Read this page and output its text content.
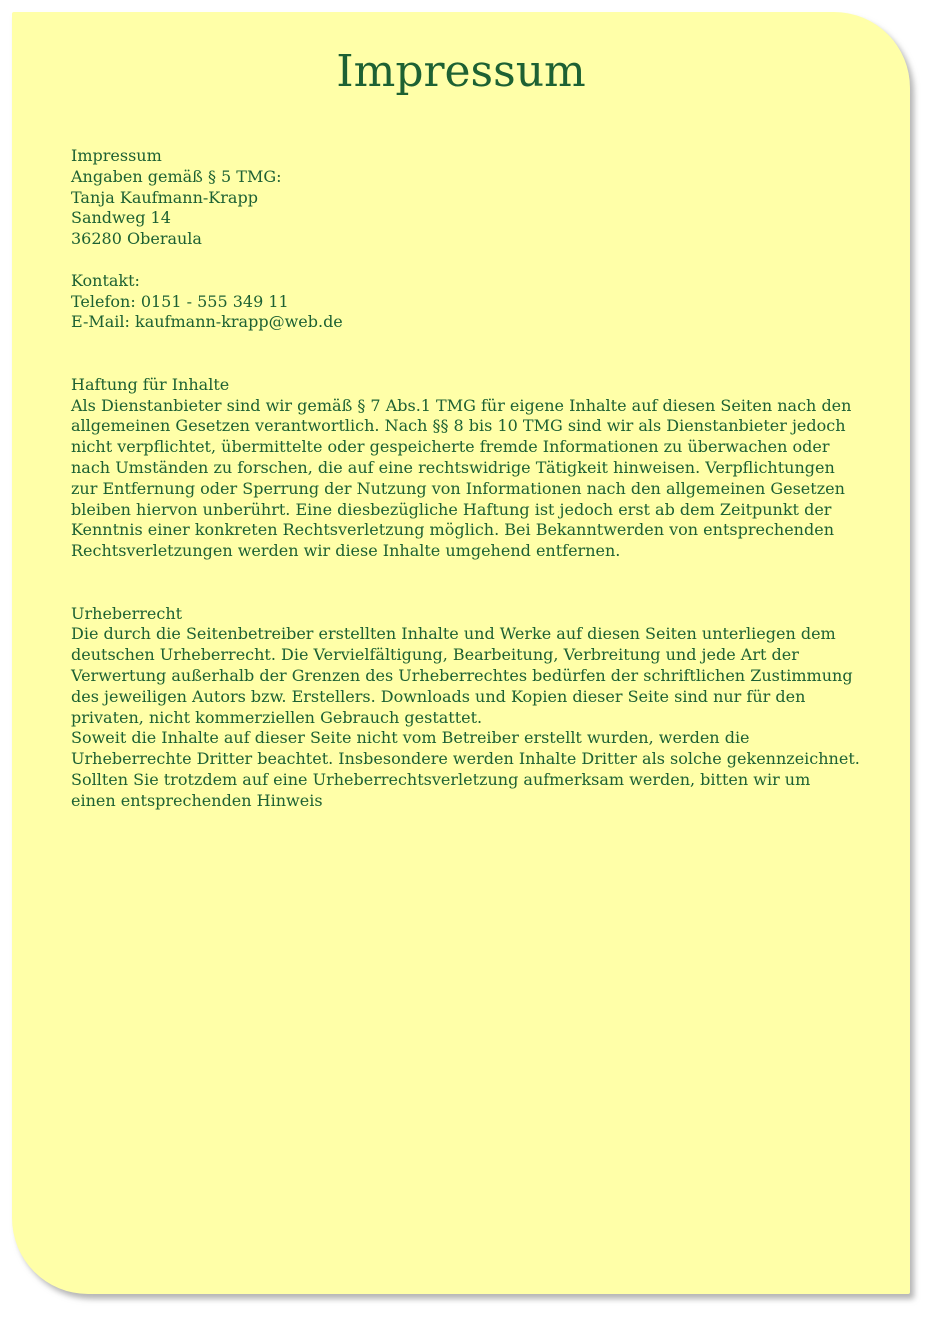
Impressum
Impressum
Angaben gemäß § 5 TMG:
Tanja Kaufmann-Krapp
Sandweg 14
36280 Oberaula
Kontakt:
Telefon: 0151 - 555 349 11
E-Mail: kaufmann-krapp@web.de
Haftung für Inhalte
Als Dienstanbieter sind wir gemäß § 7 Abs.1 TMG für eigene Inhalte auf diesen Seiten nach den
allgemeinen Gesetzen verantwortlich. Nach §§ 8 bis 10 TMG sind wir als Dienstanbieter jedoch
nicht verpflichtet, übermittelte oder gespeicherte fremde Informationen zu überwachen oder
nach Umständen zu forschen, die auf eine rechtswidrige Tätigkeit hinweisen. Verpflichtungen
zur Entfernung oder Sperrung der Nutzung von Informationen nach den allgemeinen Gesetzen
bleiben hiervon unberührt. Eine diesbezügliche Haftung ist jedoch erst ab dem Zeitpunkt der
Kenntnis einer konkreten Rechtsverletzung möglich. Bei Bekanntwerden von entsprechenden
Rechtsverletzungen werden wir diese Inhalte umgehend entfernen.
Urheberrecht
Die durch die Seitenbetreiber erstellten Inhalte und Werke auf diesen Seiten unterliegen dem
deutschen Urheberrecht. Die Vervielfältigung, Bearbeitung, Verbreitung und jede Art der
Verwertung außerhalb der Grenzen des Urheberrechtes bedürfen der schriftlichen Zustimmung
des jeweiligen Autors bzw. Erstellers. Downloads und Kopien dieser Seite sind nur für den
privaten, nicht kommerziellen Gebrauch gestattet.
Soweit die Inhalte auf dieser Seite nicht vom Betreiber erstellt wurden, werden die
Urheberrechte Dritter beachtet. Insbesondere werden Inhalte Dritter als solche gekennzeichnet.
Sollten Sie trotzdem auf eine Urheberrechtsverletzung aufmerksam werden, bitten wir um
einen entsprechenden Hinweis
